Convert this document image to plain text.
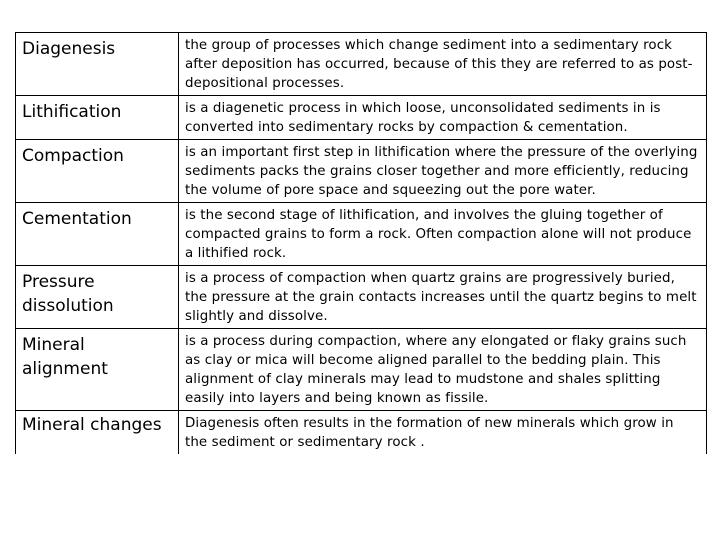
Diagenesis	the group of processes which change sediment into a sedimentary rock after deposition has occurred, because of this they are referred to as post-depositional processes.
Lithification	is a diagenetic process in which loose, unconsolidated sediments in is converted into sedimentary rocks by compaction & cementation.
Compaction	is an important first step in lithification where the pressure of the overlying sediments packs the grains closer together and more efficiently, reducing the volume of pore space and squeezing out the pore water.
Cementation	is the second stage of lithification, and involves the gluing together of compacted grains to form a rock. Often compaction alone will not produce a lithified rock.
Pressure dissolution	is a process of compaction when quartz grains are progressively buried, the pressure at the grain contacts increases until the quartz begins to melt slightly and dissolve.
Mineral alignment	is a process during compaction, where any elongated or flaky grains such as clay or mica will become aligned parallel to the bedding plain. This alignment of clay minerals may lead to mudstone and shales splitting easily into layers and being known as fissile.
Mineral changes	Diagenesis often results in the formation of new minerals which grow in the sediment or sedimentary rock .
